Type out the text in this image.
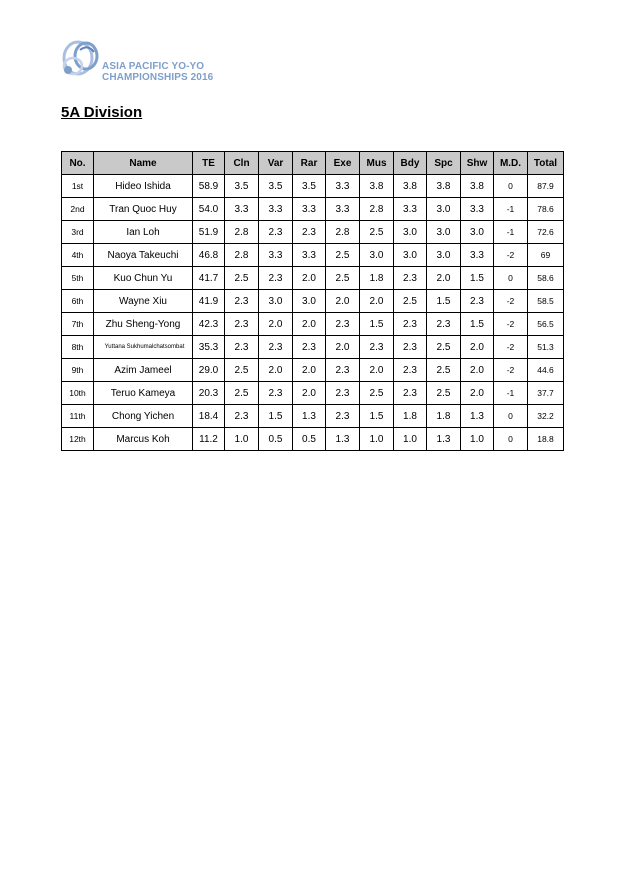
ASIA PACIFIC YO-YO
CHAMPIONSHIPS 2016
5A Division
No.	Name	TE	Cln	Var	Rar	Exe	Mus	Bdy	Spc	Shw	M.D.	Total
1st	Hideo Ishida	58.9	3.5	3.5	3.5	3.3	3.8	3.8	3.8	3.8	0	87.9
2nd	Tran Quoc Huy	54.0	3.3	3.3	3.3	3.3	2.8	3.3	3.0	3.3	-1	78.6
3rd	Ian Loh	51.9	2.8	2.3	2.3	2.8	2.5	3.0	3.0	3.0	-1	72.6
4th	Naoya Takeuchi	46.8	2.8	3.3	3.3	2.5	3.0	3.0	3.0	3.3	-2	69
5th	Kuo Chun Yu	41.7	2.5	2.3	2.0	2.5	1.8	2.3	2.0	1.5	0	58.6
6th	Wayne Xiu	41.9	2.3	3.0	3.0	2.0	2.0	2.5	1.5	2.3	-2	58.5
7th	Zhu Sheng-Yong	42.3	2.3	2.0	2.0	2.3	1.5	2.3	2.3	1.5	-2	56.5
8th	Yuttana Sukhumalchatsombat	35.3	2.3	2.3	2.3	2.0	2.3	2.3	2.5	2.0	-2	51.3
9th	Azim Jameel	29.0	2.5	2.0	2.0	2.3	2.0	2.3	2.5	2.0	-2	44.6
10th	Teruo Kameya	20.3	2.5	2.3	2.0	2.3	2.5	2.3	2.5	2.0	-1	37.7
11th	Chong Yichen	18.4	2.3	1.5	1.3	2.3	1.5	1.8	1.8	1.3	0	32.2
12th	Marcus Koh	11.2	1.0	0.5	0.5	1.3	1.0	1.0	1.3	1.0	0	18.8
